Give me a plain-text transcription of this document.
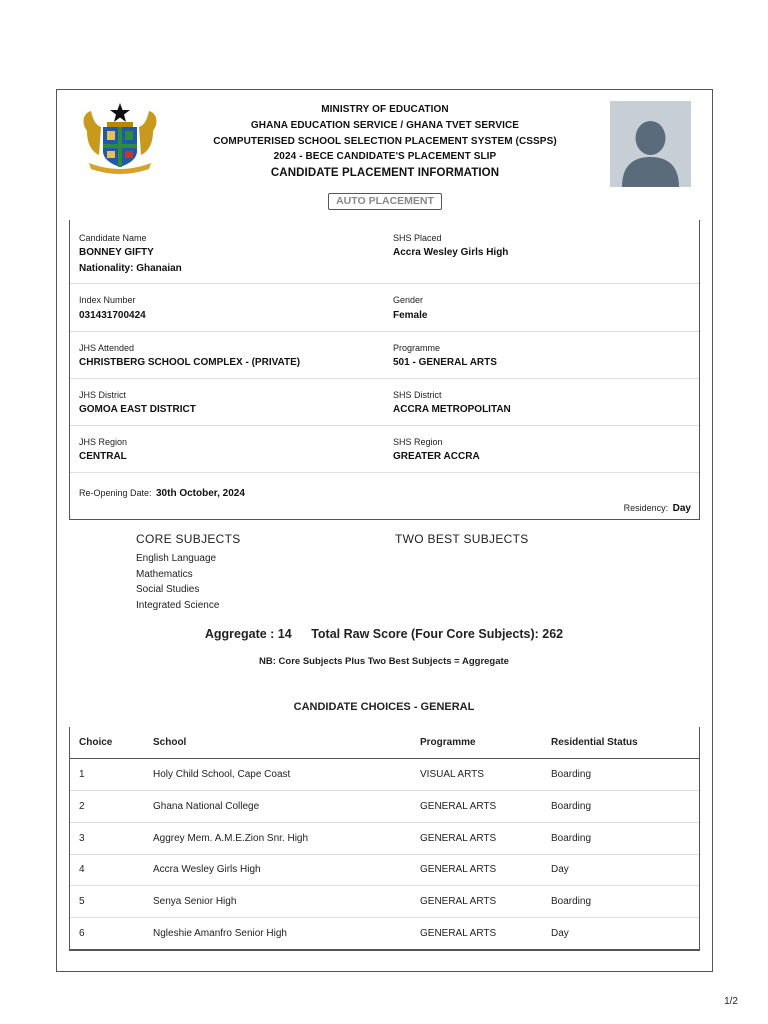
MINISTRY OF EDUCATION
GHANA EDUCATION SERVICE / GHANA TVET SERVICE
COMPUTERISED SCHOOL SELECTION PLACEMENT SYSTEM (CSSPS)
2024 - BECE CANDIDATE'S PLACEMENT SLIP
CANDIDATE PLACEMENT INFORMATION
AUTO PLACEMENT
Candidate Name
BONNEY GIFTY
Nationality: Ghanaian
SHS Placed
Accra Wesley Girls High
Index Number
031431700424
Gender
Female
JHS Attended
CHRISTBERG SCHOOL COMPLEX - (PRIVATE)
Programme
501 - GENERAL ARTS
JHS District
GOMOA EAST DISTRICT
SHS District
ACCRA METROPOLITAN
JHS Region
CENTRAL
SHS Region
GREATER ACCRA
Re-Opening Date: 30th October, 2024
Residency: Day
CORE SUBJECTS	TWO BEST SUBJECTS
English Language
Mathematics
Social Studies
Integrated Science
Aggregate : 14 Total Raw Score (Four Core Subjects): 262
NB: Core Subjects Plus Two Best Subjects = Aggregate
CANDIDATE CHOICES - GENERAL
Choice	School	Programme	Residential Status
1	Holy Child School, Cape Coast	VISUAL ARTS	Boarding
2	Ghana National College	GENERAL ARTS	Boarding
3	Aggrey Mem. A.M.E.Zion Snr. High	GENERAL ARTS	Boarding
4	Accra Wesley Girls High	GENERAL ARTS	Day
5	Senya Senior High	GENERAL ARTS	Boarding
6	Ngleshie Amanfro Senior High	GENERAL ARTS	Day
1/2
